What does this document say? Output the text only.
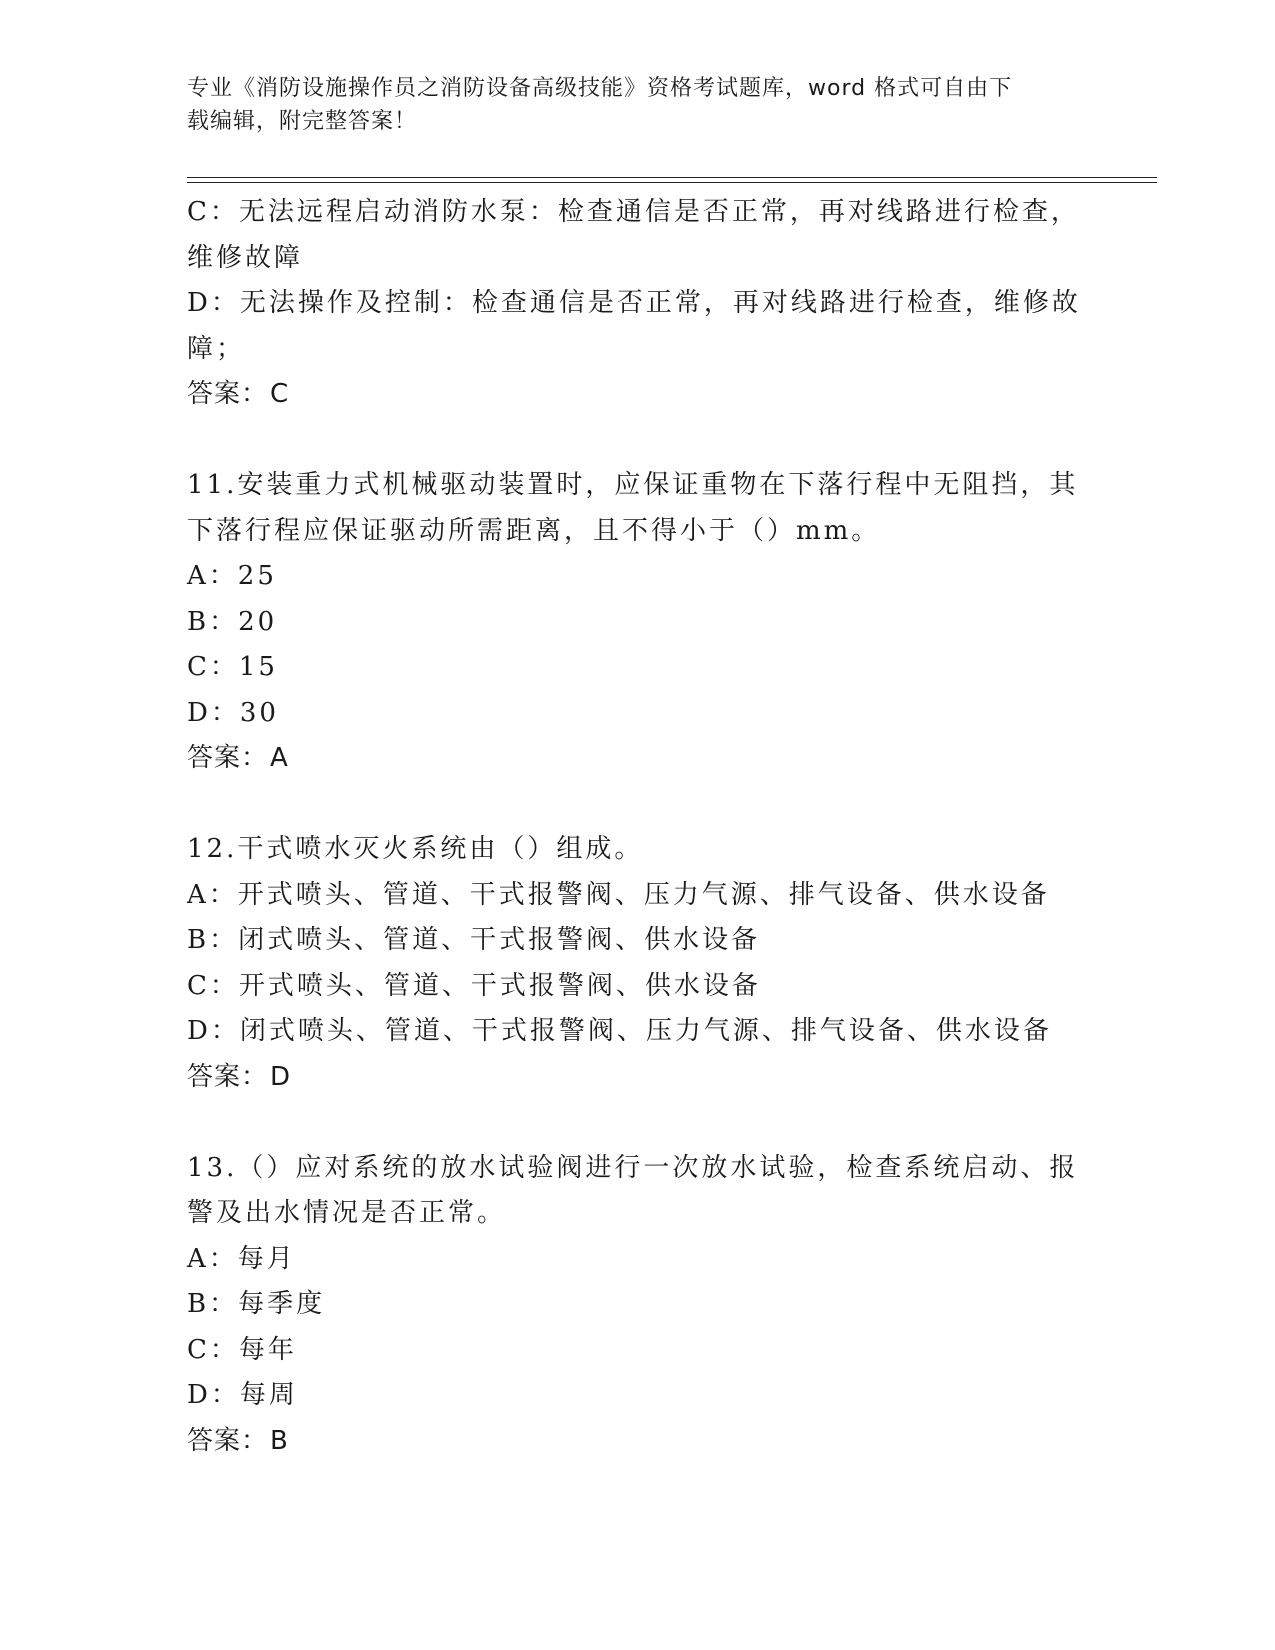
专业《消防设施操作员之消防设备高级技能》资格考试题库，word 格式可自由下
载编辑，附完整答案！
C：无法远程启动消防水泵：检查通信是否正常，再对线路进行检查，
维修故障
D：无法操作及控制：检查通信是否正常，再对线路进行检查，维修故
障；
答案：C
11.安装重力式机械驱动装置时，应保证重物在下落行程中无阻挡，其
下落行程应保证驱动所需距离，且不得小于（）mm。
A：25
B：20
C：15
D：30
答案：A
12.干式喷水灭火系统由（）组成。
A：开式喷头、管道、干式报警阀、压力气源、排气设备、供水设备
B：闭式喷头、管道、干式报警阀、供水设备
C：开式喷头、管道、干式报警阀、供水设备
D：闭式喷头、管道、干式报警阀、压力气源、排气设备、供水设备
答案：D
13.（）应对系统的放水试验阀进行一次放水试验，检查系统启动、报
警及出水情况是否正常。
A：每月
B：每季度
C：每年
D：每周
答案：B
